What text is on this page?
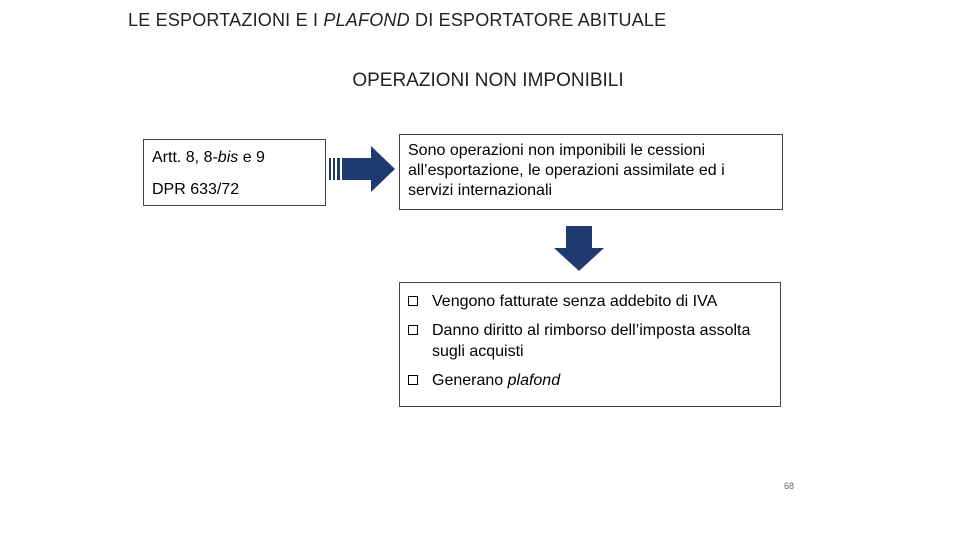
LE ESPORTAZIONI E I PLAFOND DI ESPORTATORE ABITUALE
OPERAZIONI NON IMPONIBILI
Artt. 8, 8-bis e 9
DPR 633/72
Sono operazioni non imponibili le cessioni all’esportazione, le operazioni assimilate ed i servizi internazionali
Vengono fatturate senza addebito di IVA
Danno diritto al rimborso dell’imposta assolta sugli acquisti
Generano plafond
68
